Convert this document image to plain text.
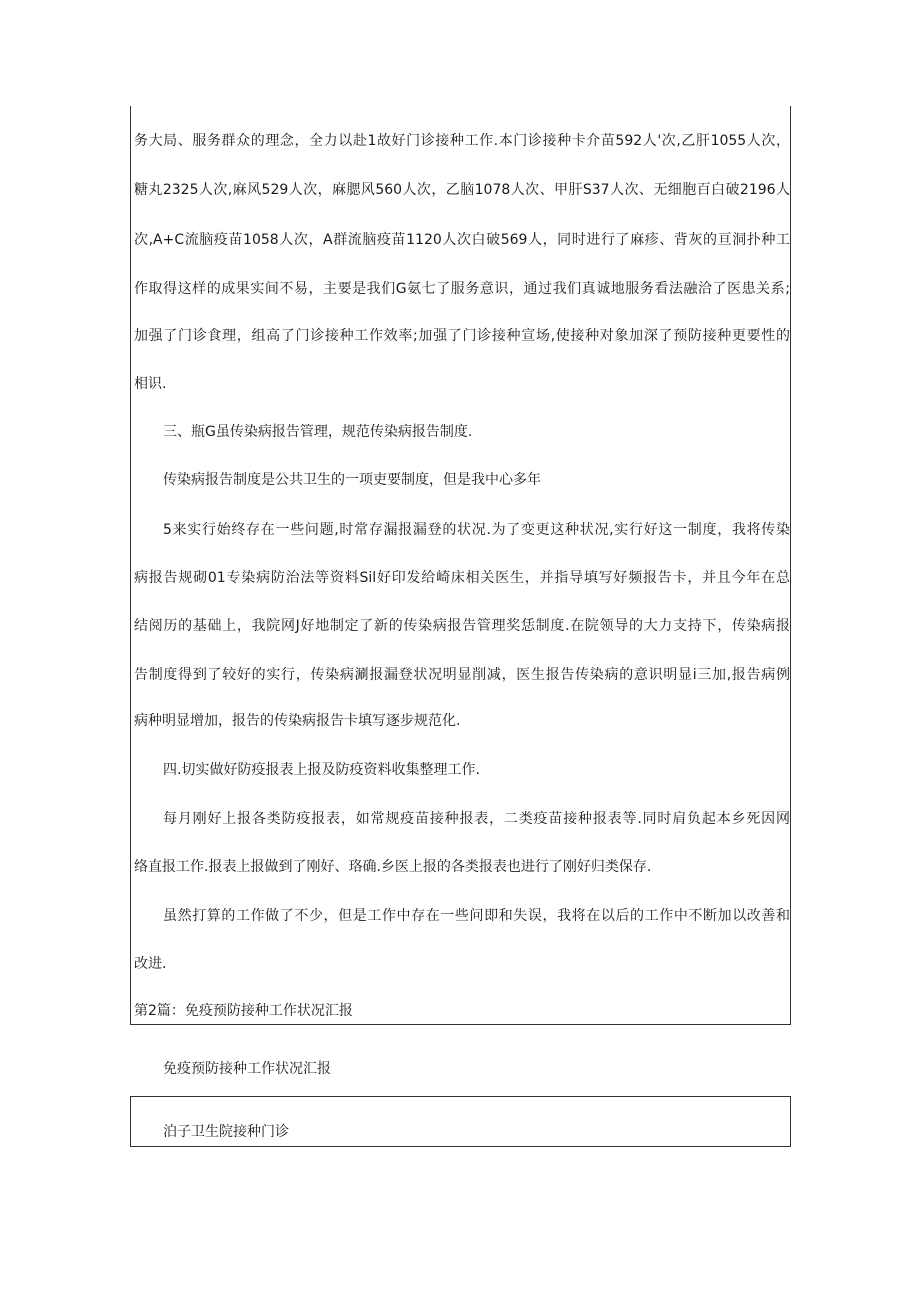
务大局、服务群众的理念，全力以赴1故好门诊接种工作.本门诊接种卡介苗592人'次,乙肝1055人次，
糖丸2325人次,麻风529人次，麻腮风560人次，乙脑1078人次、甲肝S37人次、无细胞百白破2196人
次,A+C流脑疫苗1058人次，A群流脑疫苗1120人次白破569人，同时进行了麻疹、背灰的亘洞扑种工
作取得这样的成果实间不易，主要是我们G氨七了服务意识，通过我们真诚地服务看法融洽了医患关系;
加强了门诊食理，组高了门诊接种工作效率;加强了门诊接种宣场,使接种对象加深了预防接种更要性的
相识.
三、瓶G虽传染病报告管理，规范传染病报告制度.
传染病报告制度是公共卫生的一项吏要制度，但是我中心多年
5来实行始终存在一些问题,时常存漏报漏登的状况.为了变更这种状况,实行好这一制度，我将传染
病报告规砌01专染病防治法等资料Sil好印发给崎床相关医生，并指导填写好频报告卡，并且今年在总
结阅历的基础上，我院网J好地制定了新的传染病报告管理奖恁制度.在院领导的大力支持下，传染病报
告制度得到了较好的实行，传染病涮报漏登状况明显削减，医生报告传染病的意识明显i三加,报告病例
病种明显增加，报告的传染病报告卡填写逐步规范化.
四.切实做好防疫报表上报及防疫资料收集整理工作.
每月刚好上报各类防疫报表，如常规疫苗接种报表，二类疫苗接种报表等.同时肩负起本乡死因网
络直报工作.报表上报做到了刚好、珞确.乡医上报的各类报表也进行了刚好归类保存.
虽然打算的工作做了不少，但是工作中存在一些问即和失误，我将在以后的工作中不断加以改善和
改进.
第2篇：免疫预防接种工作状况汇报
免疫预防接种工作状况汇报
泊子卫生院接种门诊
